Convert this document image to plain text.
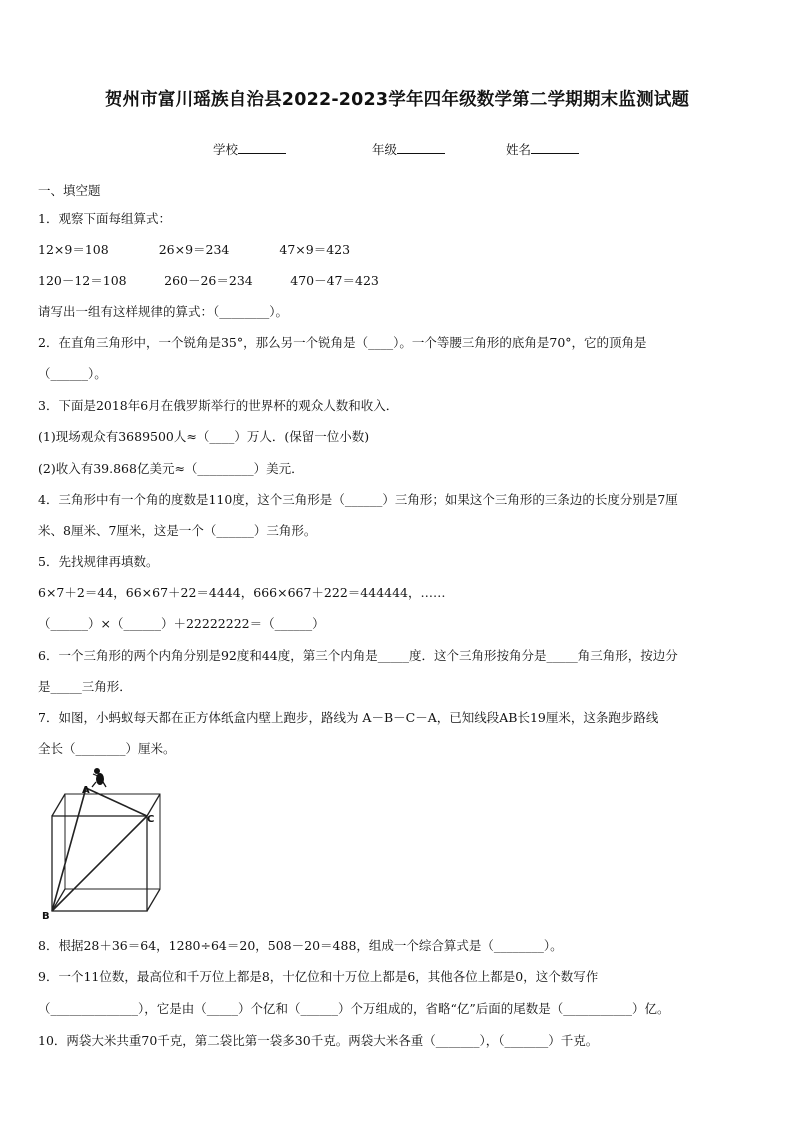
贺州市富川瑶族自治县2022-2023学年四年级数学第二学期期末监测试题
学校	年级	姓名
一、填空题
1．观察下面每组算式：
12×9＝108　　　　26×9＝234　　　　47×9＝423
120－12＝108　　　260－26＝234　　　470－47＝423
请写出一组有这样规律的算式：（________）。
2．在直角三角形中，一个锐角是35°，那么另一个锐角是（____）。一个等腰三角形的底角是70°，它的顶角是
（______）。
3．下面是2018年6月在俄罗斯举行的世界杯的观众人数和收入．
(1)现场观众有3689500人≈（____）万人．(保留一位小数)
(2)收入有39.868亿美元≈（_________）美元．
4．三角形中有一个角的度数是110度，这个三角形是（______）三角形；如果这个三角形的三条边的长度分别是7厘
米、8厘米、7厘米，这是一个（______）三角形。
5．先找规律再填数。
6×7＋2＝44，66×67＋22＝4444，666×667＋222＝444444，……
（______）×（______）＋22222222＝（______）
6．一个三角形的两个内角分别是92度和44度，第三个内角是_____度．这个三角形按角分是_____角三角形，按边分
是_____三角形．
7．如图，小蚂蚁每天都在正方体纸盒内壁上跑步，路线为 A－B－C－A，已知线段AB长19厘米，这条跑步路线
全长（________）厘米。
A
C
B
8．根据28＋36＝64，1280÷64＝20，508－20＝488，组成一个综合算式是（________）。
9．一个11位数，最高位和千万位上都是8，十亿位和十万位上都是6，其他各位上都是0，这个数写作
（______________），它是由（_____）个亿和（______）个万组成的，省略“亿”后面的尾数是（___________）亿。
10．两袋大米共重70千克，第二袋比第一袋多30千克。两袋大米各重（_______），（_______）千克。
